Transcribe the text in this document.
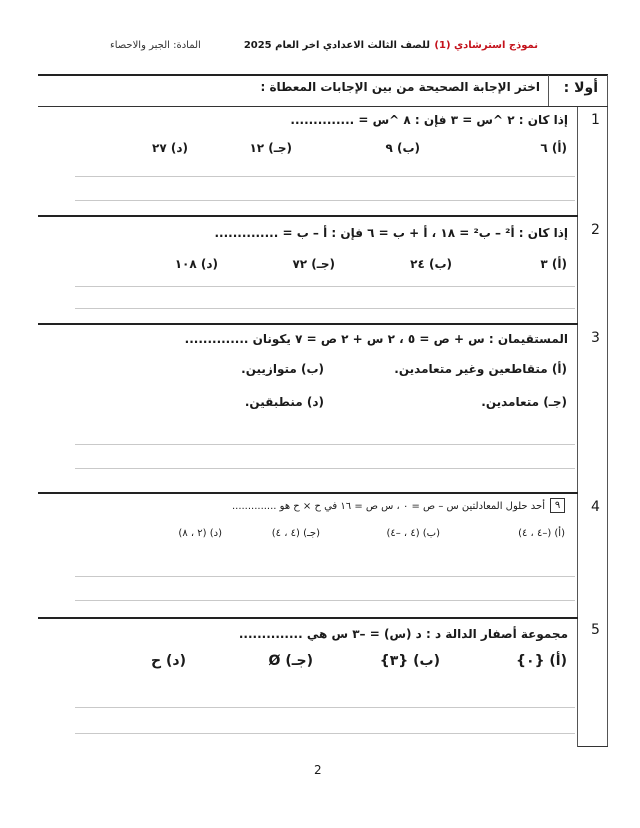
نموذج استرشادي (1)
للصف الثالث الاعدادي اخر العام 2025
المادة: الجبر والاحصاء
أولا :
اختر الإجابة الصحيحة من بين الإجابات المعطاة :
1
إذا كان : ٢ ^س = ٣ فإن : ٨ ^س = ..............
(أ) ٦
(ب) ٩
(جـ) ١٢
(د) ٢٧
2
إذا كان : أ² – ب² = ١٨ ، أ + ب = ٦ فإن : أ – ب = ..............
(أ) ٣
(ب) ٢٤
(جـ) ٧٢
(د) ١٠٨
3
المستقيمان : س + ص = ٥ ، ٢ س + ٢ ص = ٧ يكونان ..............
(أ) متقاطعين وغير متعامدين.
(ب) متوازيين.
(جـ) متعامدين.
(د) منطبقين.
4
٩
أحد حلول المعادلتين س – ص = ٠ ، س ص = ١٦ في ح × ح هو ..............
(أ) (–٤ ، ٤)
(ب) (٤ ، –٤)
(جـ) (٤ ، ٤)
(د) (٢ ، ٨)
5
مجموعة أصفار الدالة د : د (س) = –٣ س هي ..............
(أ) {٠}
(ب) {٣}
(جـ) Ø
(د) ح
2
